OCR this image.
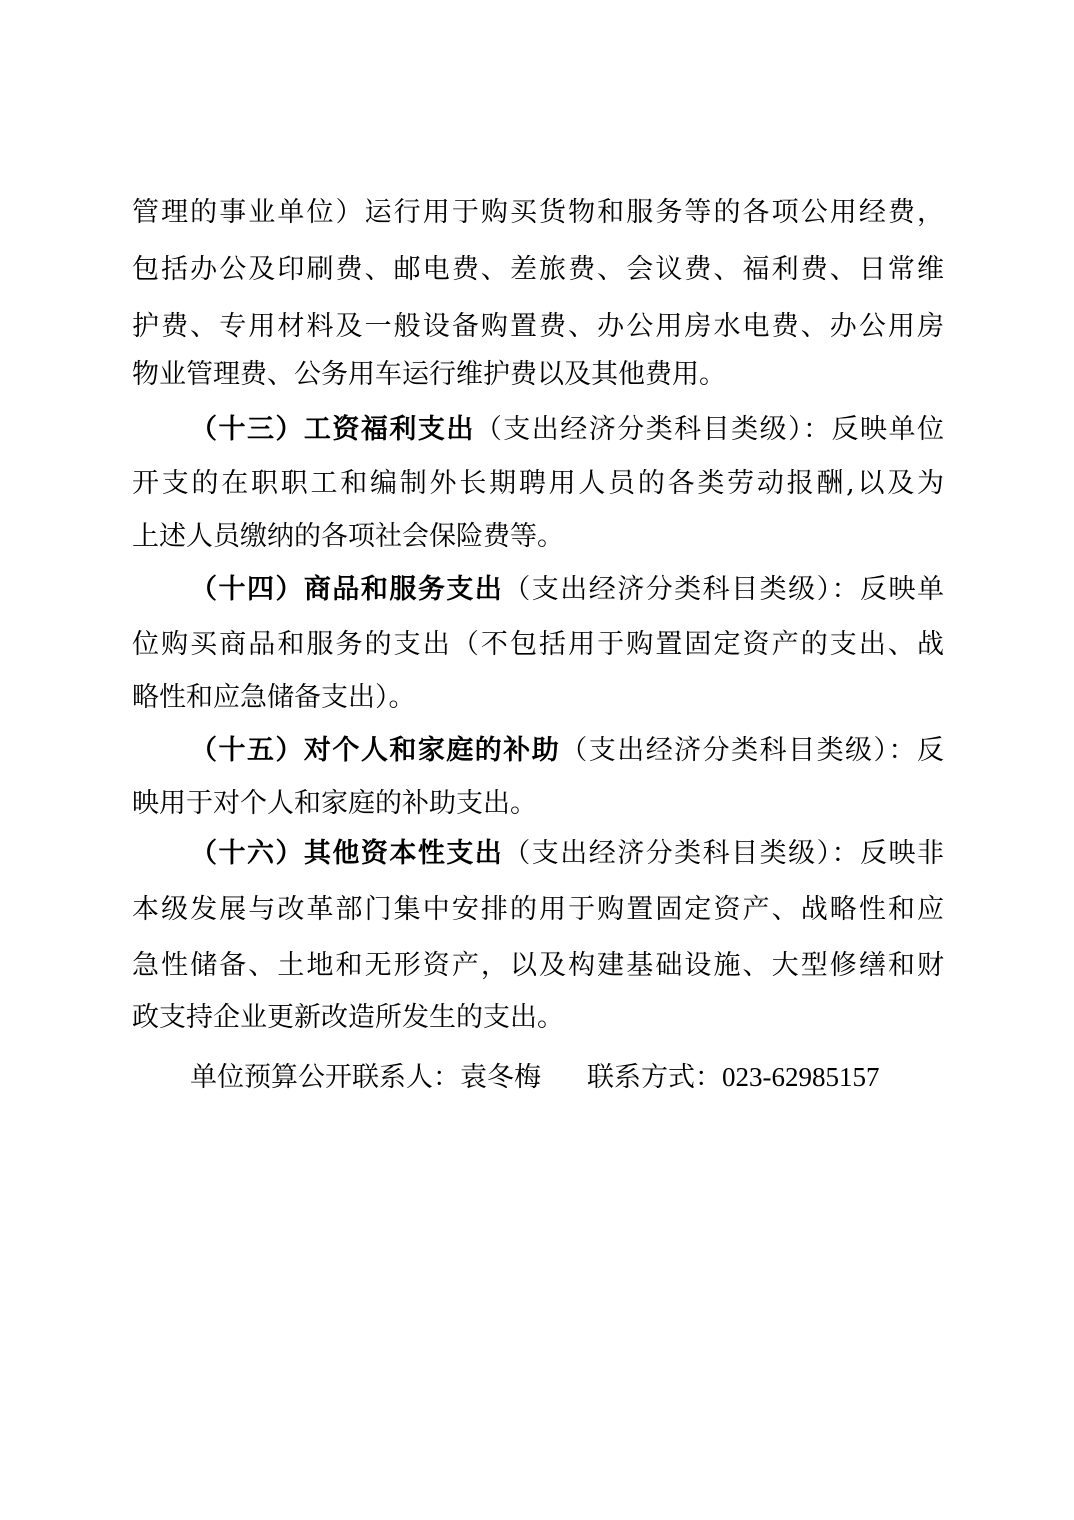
管理的事业单位）运行用于购买货物和服务等的各项公用经费，
包括办公及印刷费、邮电费、差旅费、会议费、福利费、日常维
护费、专用材料及一般设备购置费、办公用房水电费、办公用房
物业管理费、公务用车运行维护费以及其他费用。
（十三）工资福利支出（支出经济分类科目类级）：反映单位
开支的在职职工和编制外长期聘用人员的各类劳动报酬,以及为
上述人员缴纳的各项社会保险费等。
（十四）商品和服务支出（支出经济分类科目类级）：反映单
位购买商品和服务的支出（不包括用于购置固定资产的支出、战
略性和应急储备支出）。
（十五）对个人和家庭的补助（支出经济分类科目类级）：反
映用于对个人和家庭的补助支出。
（十六）其他资本性支出（支出经济分类科目类级）：反映非
本级发展与改革部门集中安排的用于购置固定资产、战略性和应
急性储备、土地和无形资产，以及构建基础设施、大型修缮和财
政支持企业更新改造所发生的支出。
单位预算公开联系人：袁冬梅 联系方式：023-62985157
